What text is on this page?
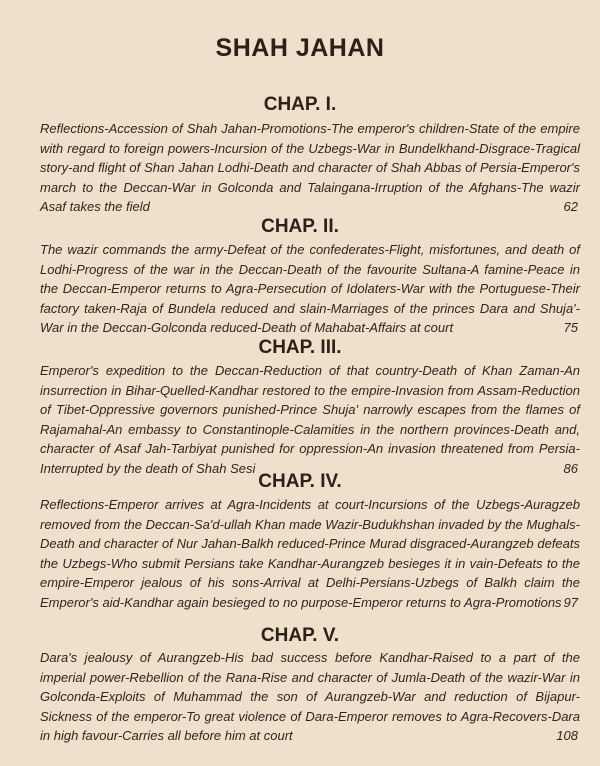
SHAH JAHAN
CHAP. I.
Reflections-Accession of Shah Jahan-Promotions-The emperor's children-State of the empire with regard to foreign powers-Incursion of the Uzbegs-War in Bundelkhand-Disgrace-Tragical story-and flight of Shan Jahan Lodhi-Death and character of Shah Abbas of Persia-Emperor's march to the Deccan-War in Golconda and Talaingana-Irruption of the Afghans-The wazir Asaf takes the field	62
CHAP. II.
The wazir commands the army-Defeat of the confederates-Flight, misfortunes, and death of Lodhi-Progress of the war in the Deccan-Death of the favourite Sultana-A famine-Peace in the Deccan-Emperor returns to Agra-Persecution of Idolaters-War with the Portuguese-Their factory taken-Raja of Bundela reduced and slain-Marriages of the princes Dara and Shuja'-War in the Deccan-Golconda reduced-Death of Mahabat-Affairs at court	75
CHAP. III.
Emperor's expedition to the Deccan-Reduction of that country-Death of Khan Zaman-An insurrection in Bihar-Quelled-Kandhar restored to the empire-Invasion from Assam-Reduction of Tibet-Oppressive governors punished-Prince Shuja' narrowly escapes from the flames of Rajamahal-An embassy to Constantinople-Calamities in the northern provinces-Death and, character of Asaf Jah-Tarbiyat punished for oppression-An invasion threatened from Persia-Interrupted by the death of Shah Sesi	86
CHAP. IV.
Reflections-Emperor arrives at Agra-Incidents at court-Incursions of the Uzbegs-Auragzeb removed from the Deccan-Sa'd-ullah Khan made Wazir-Budukhshan invaded by the Mughals-Death and character of Nur Jahan-Balkh reduced-Prince Murad disgraced-Aurangzeb defeats the Uzbegs-Who submit Persians take Kandhar-Aurangzeb besieges it in vain-Defeats to the empire-Emperor jealous of his sons-Arrival at Delhi-Persians-Uzbegs of Balkh claim the Emperor's aid-Kandhar again besieged to no purpose-Emperor returns to Agra-Promotions 97
CHAP. V.
Dara's jealousy of Aurangzeb-His bad success before Kandhar-Raised to a part of the imperial power-Rebellion of the Rana-Rise and character of Jumla-Death of the wazir-War in Golconda-Exploits of Muhammad the son of Aurangzeb-War and reduction of Bijapur-Sickness of the emperor-To great violence of Dara-Emperor removes to Agra-Recovers-Dara in high favour-Carries all before him at court	108
